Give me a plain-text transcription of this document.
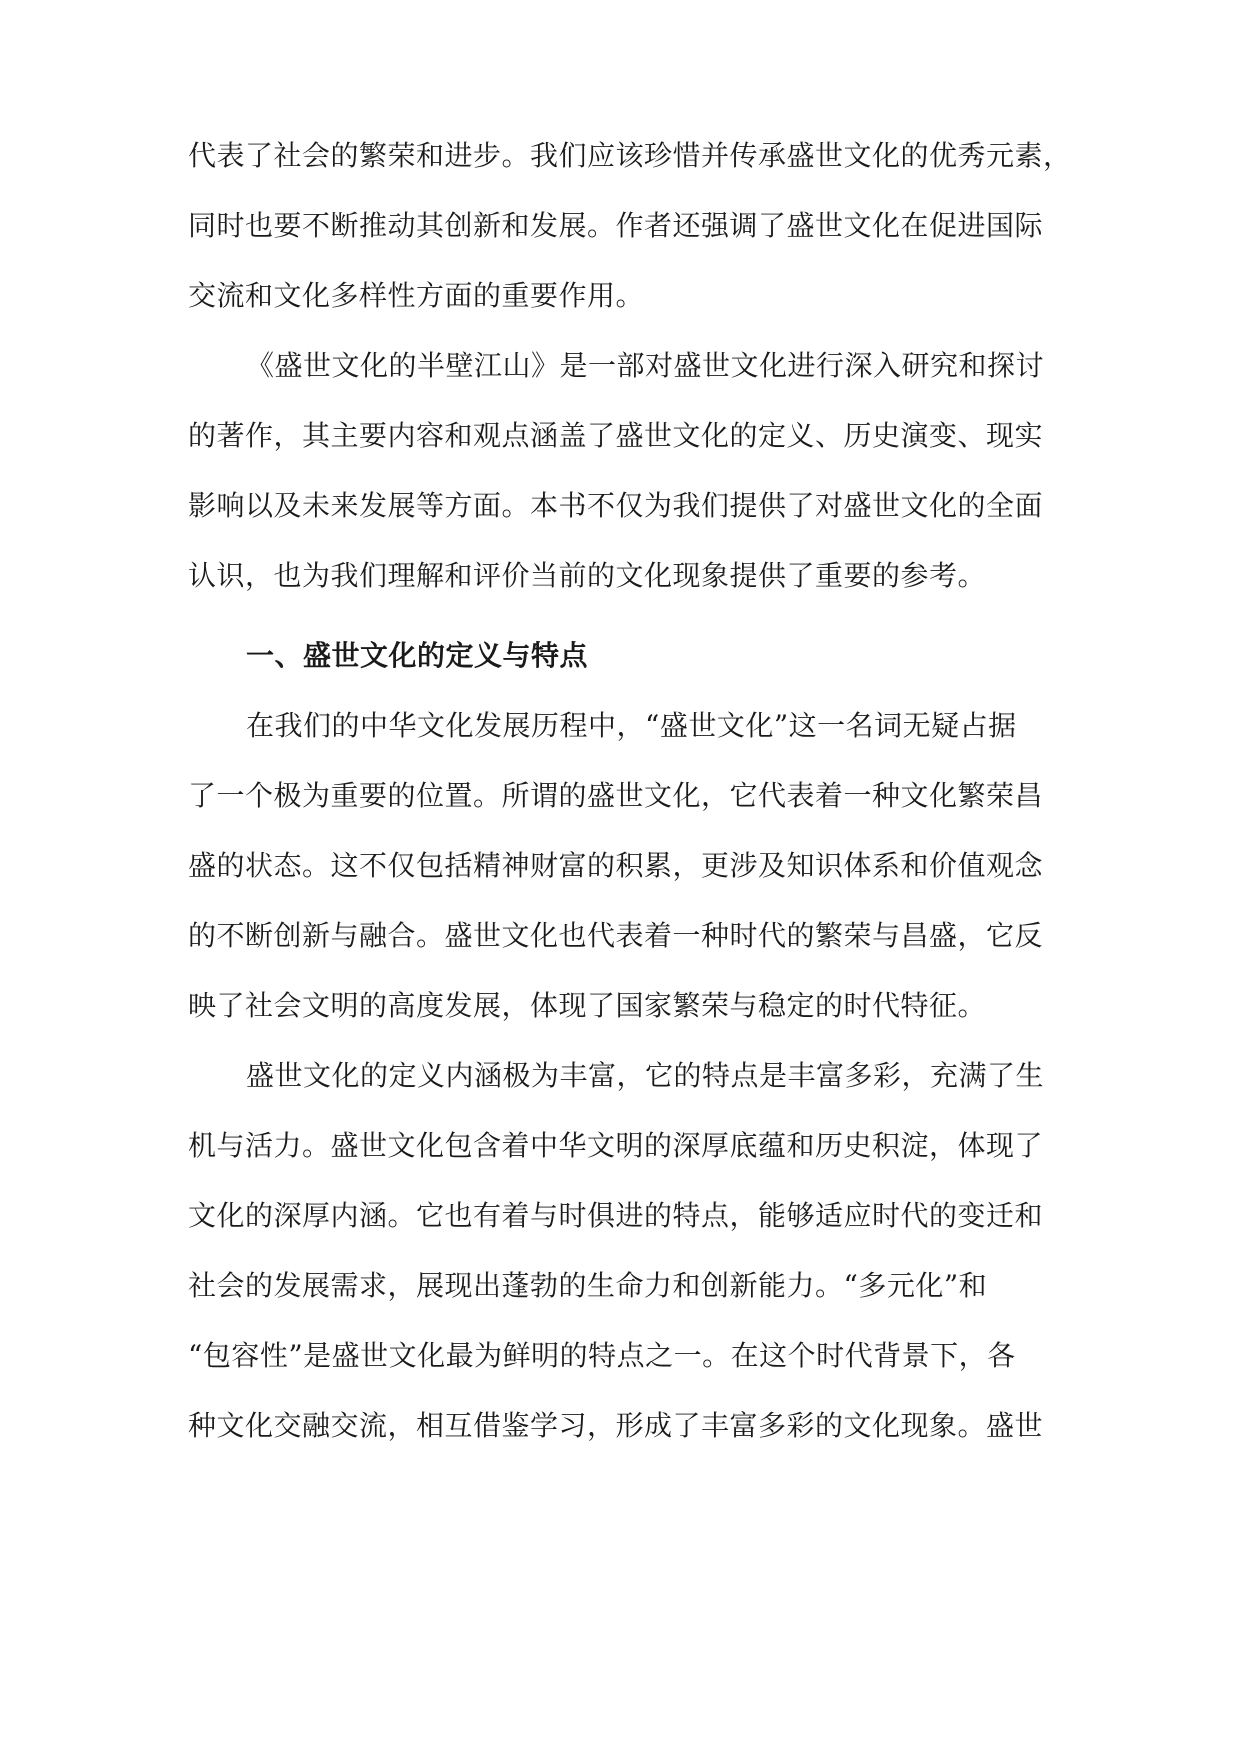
代表了社会的繁荣和进步。我们应该珍惜并传承盛世文化的优秀元素，
同时也要不断推动其创新和发展。作者还强调了盛世文化在促进国际
交流和文化多样性方面的重要作用。
《盛世文化的半壁江山》是一部对盛世文化进行深入研究和探讨
的著作，其主要内容和观点涵盖了盛世文化的定义、历史演变、现实
影响以及未来发展等方面。本书不仅为我们提供了对盛世文化的全面
认识，也为我们理解和评价当前的文化现象提供了重要的参考。
一、盛世文化的定义与特点
在我们的中华文化发展历程中，“盛世文化”这一名词无疑占据
了一个极为重要的位置。所谓的盛世文化，它代表着一种文化繁荣昌
盛的状态。这不仅包括精神财富的积累，更涉及知识体系和价值观念
的不断创新与融合。盛世文化也代表着一种时代的繁荣与昌盛，它反
映了社会文明的高度发展，体现了国家繁荣与稳定的时代特征。
盛世文化的定义内涵极为丰富，它的特点是丰富多彩，充满了生
机与活力。盛世文化包含着中华文明的深厚底蕴和历史积淀，体现了
文化的深厚内涵。它也有着与时俱进的特点，能够适应时代的变迁和
社会的发展需求，展现出蓬勃的生命力和创新能力。“多元化”和
“包容性”是盛世文化最为鲜明的特点之一。在这个时代背景下，各
种文化交融交流，相互借鉴学习，形成了丰富多彩的文化现象。盛世
